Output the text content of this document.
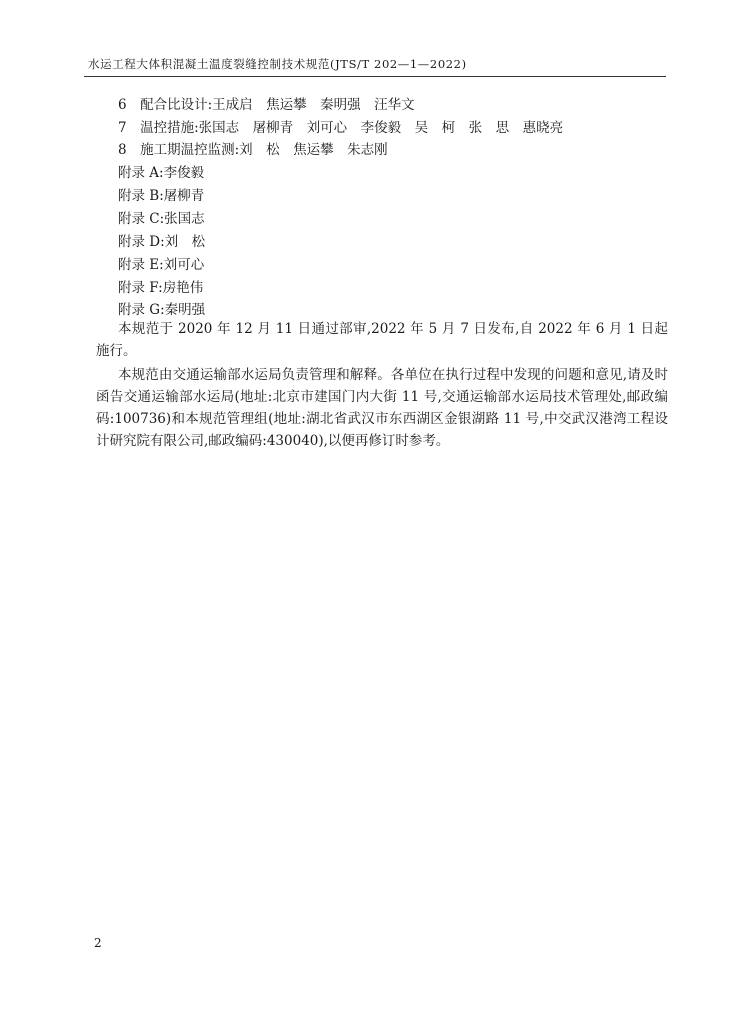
水运工程大体积混凝土温度裂缝控制技术规范(JTS/T 202—1—2022)
6　配合比设计:王成启　焦运攀　秦明强　汪华文
7　温控措施:张国志　屠柳青　刘可心　李俊毅　吴　柯　张　思　惠晓亮
8　施工期温控监测:刘　松　焦运攀　朱志刚
附录 A:李俊毅
附录 B:屠柳青
附录 C:张国志
附录 D:刘　松
附录 E:刘可心
附录 F:房艳伟
附录 G:秦明强
本规范于 2020 年 12 月 11 日通过部审,2022 年 5 月 7 日发布,自 2022 年 6 月 1 日起施行。
本规范由交通运输部水运局负责管理和解释。各单位在执行过程中发现的问题和意见,请及时函告交通运输部水运局(地址:北京市建国门内大街 11 号,交通运输部水运局技术管理处,邮政编码:100736)和本规范管理组(地址:湖北省武汉市东西湖区金银湖路 11 号,中交武汉港湾工程设计研究院有限公司,邮政编码:430040),以便再修订时参考。
2
